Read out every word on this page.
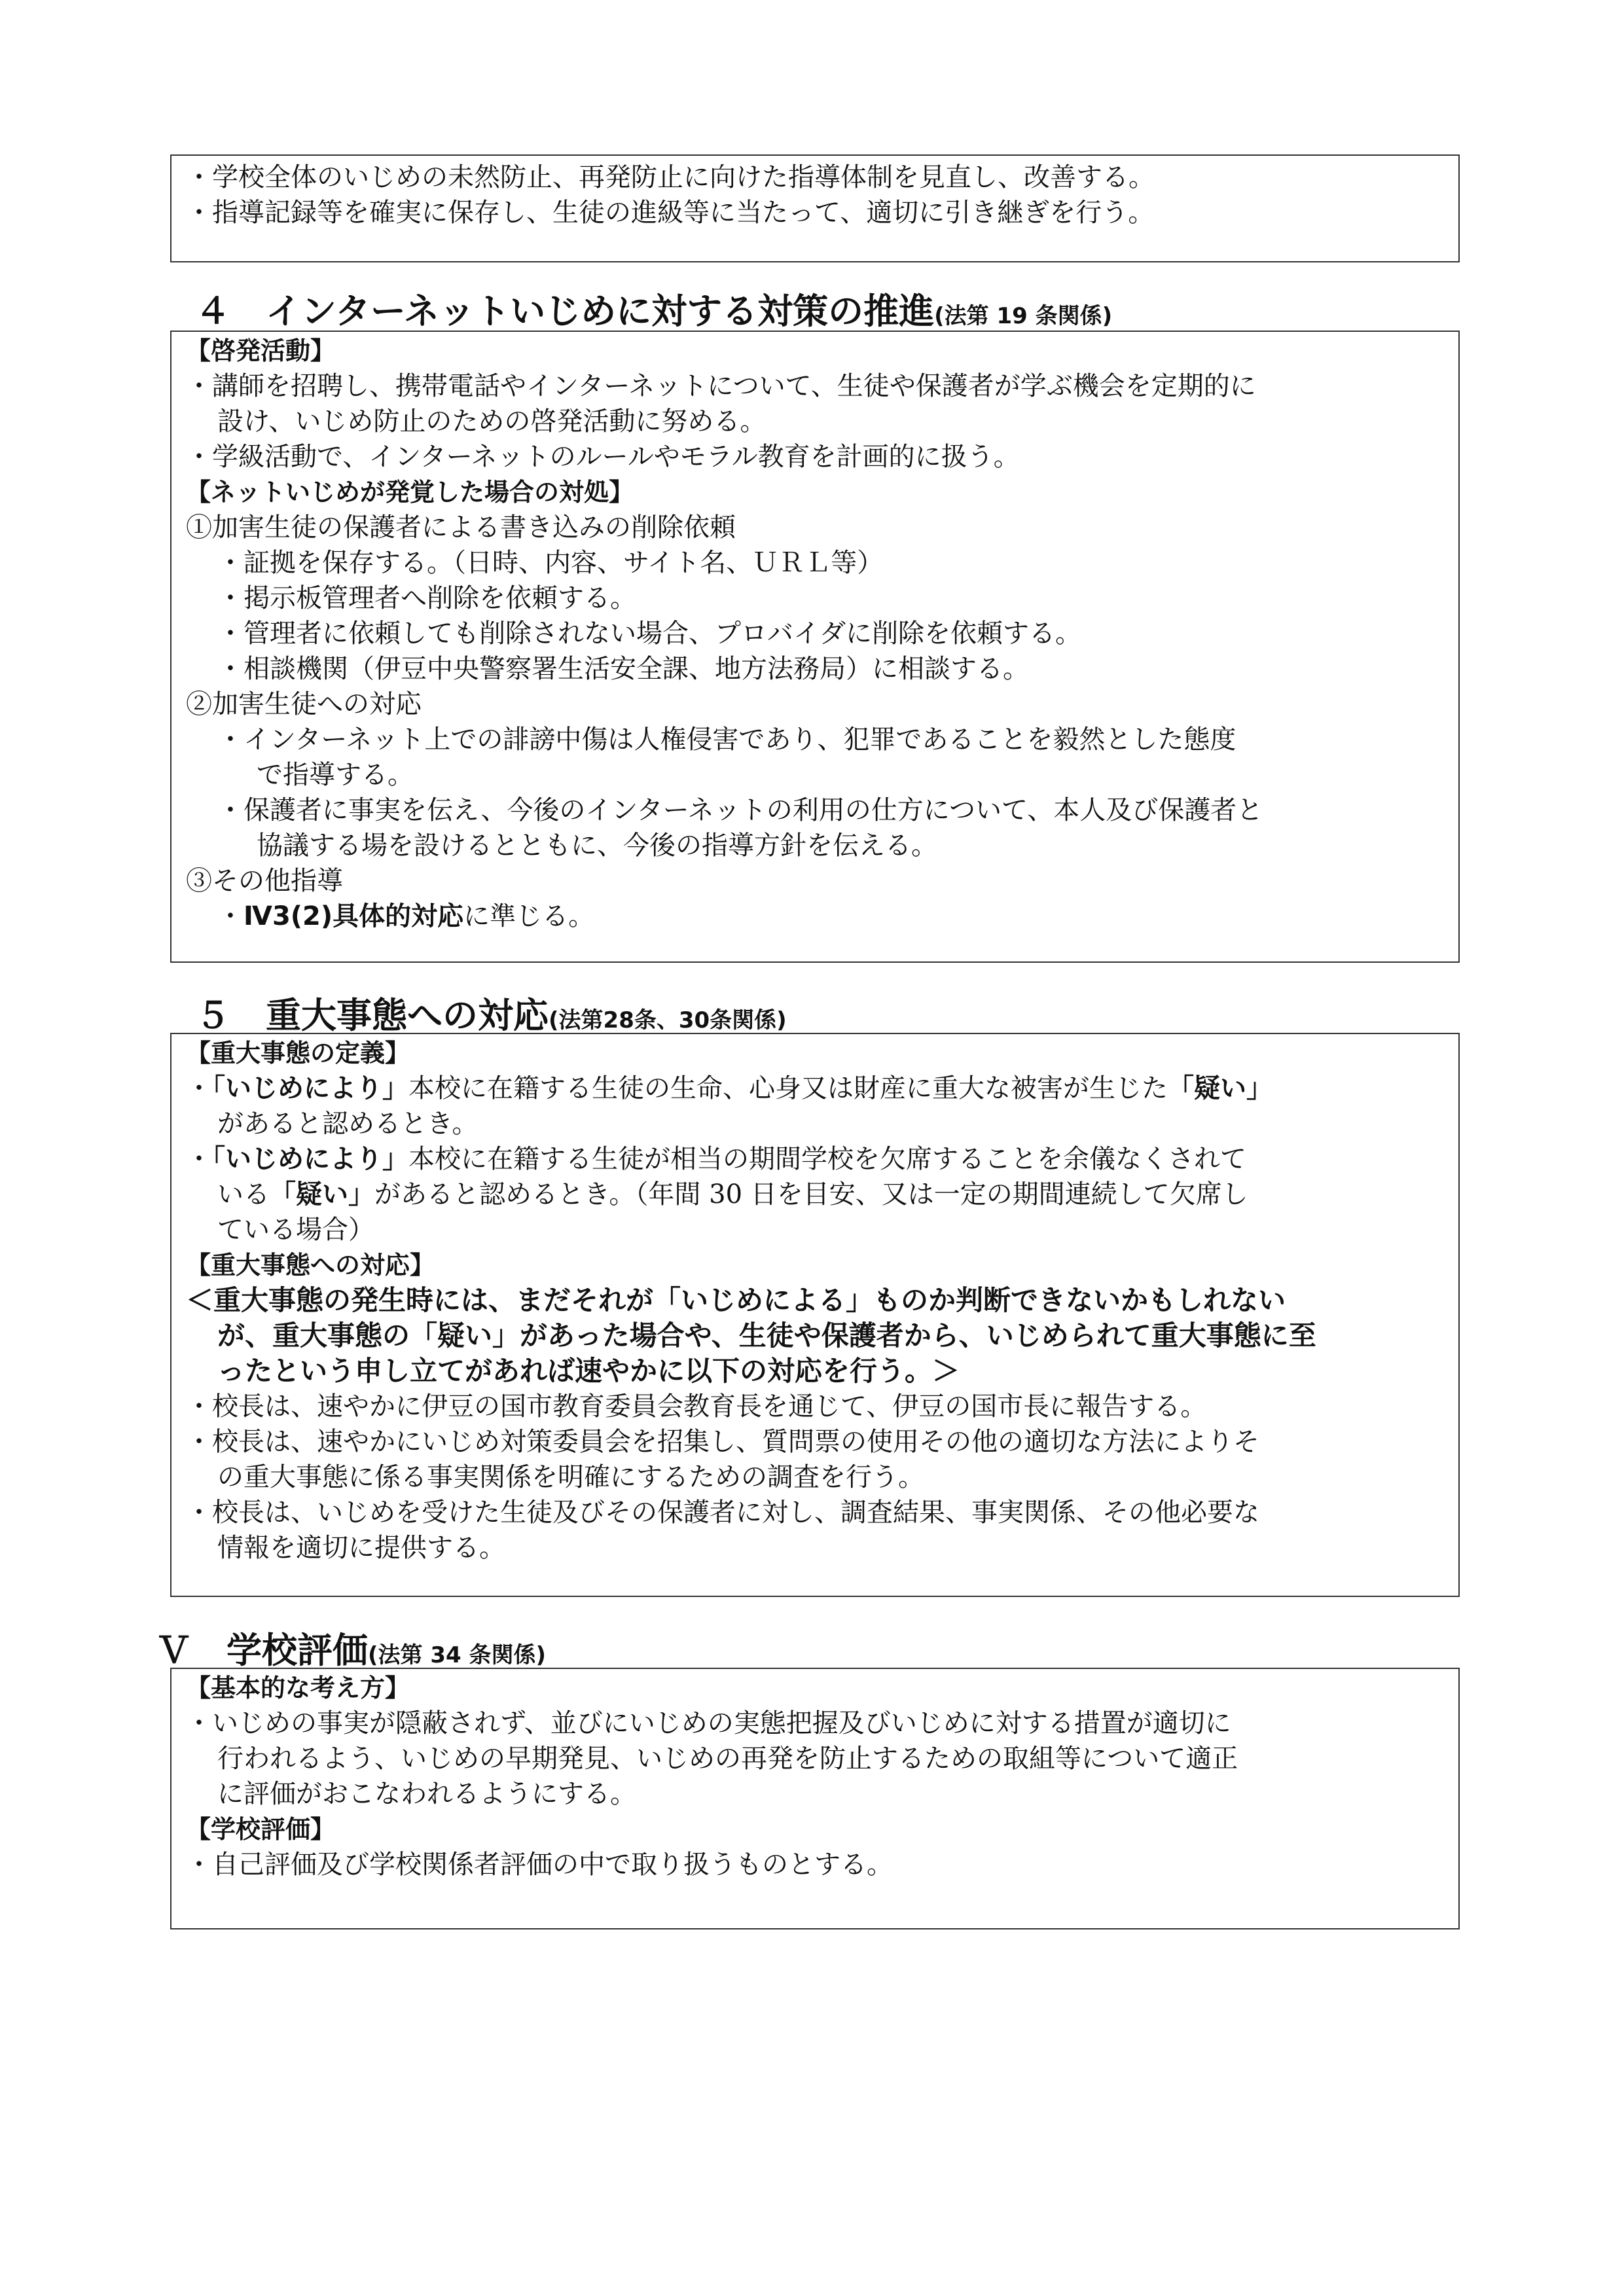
・学校全体のいじめの未然防止、再発防止に向けた指導体制を見直し、改善する。
・指導記録等を確実に保存し、生徒の進級等に当たって、適切に引き継ぎを行う。
４　インターネットいじめに対する対策の推進(法第 19 条関係)
【啓発活動】
・講師を招聘し、携帯電話やインターネットについて、生徒や保護者が学ぶ機会を定期的に
設け、いじめ防止のための啓発活動に努める。
・学級活動で、インターネットのルールやモラル教育を計画的に扱う。
【ネットいじめが発覚した場合の対処】
①加害生徒の保護者による書き込みの削除依頼
・証拠を保存する。（日時、内容、サイト名、ＵＲＬ等）
・掲示板管理者へ削除を依頼する。
・管理者に依頼しても削除されない場合、プロバイダに削除を依頼する。
・相談機関（伊豆中央警察署生活安全課、地方法務局）に相談する。
②加害生徒への対応
・インターネット上での誹謗中傷は人権侵害であり、犯罪であることを毅然とした態度
で指導する。
・保護者に事実を伝え、今後のインターネットの利用の仕方について、本人及び保護者と
協議する場を設けるとともに、今後の指導方針を伝える。
③その他指導
・Ⅳ3(2)具体的対応に準じる。
５　重大事態への対応(法第28条、30条関係)
【重大事態の定義】
・「いじめにより」本校に在籍する生徒の生命、心身又は財産に重大な被害が生じた「疑い」
があると認めるとき。
・「いじめにより」本校に在籍する生徒が相当の期間学校を欠席することを余儀なくされて
いる「疑い」があると認めるとき。（年間 30 日を目安、又は一定の期間連続して欠席し
ている場合）
【重大事態への対応】
＜重大事態の発生時には、まだそれが「いじめによる」ものか判断できないかもしれない
が、重大事態の「疑い」があった場合や、生徒や保護者から、いじめられて重大事態に至
ったという申し立てがあれば速やかに以下の対応を行う。＞
・校長は、速やかに伊豆の国市教育委員会教育長を通じて、伊豆の国市長に報告する。
・校長は、速やかにいじめ対策委員会を招集し、質問票の使用その他の適切な方法によりそ
の重大事態に係る事実関係を明確にするための調査を行う。
・校長は、いじめを受けた生徒及びその保護者に対し、調査結果、事実関係、その他必要な
情報を適切に提供する。
Ｖ　学校評価(法第 34 条関係)
【基本的な考え方】
・いじめの事実が隠蔽されず、並びにいじめの実態把握及びいじめに対する措置が適切に
行われるよう、いじめの早期発見、いじめの再発を防止するための取組等について適正
に評価がおこなわれるようにする。
【学校評価】
・自己評価及び学校関係者評価の中で取り扱うものとする。
